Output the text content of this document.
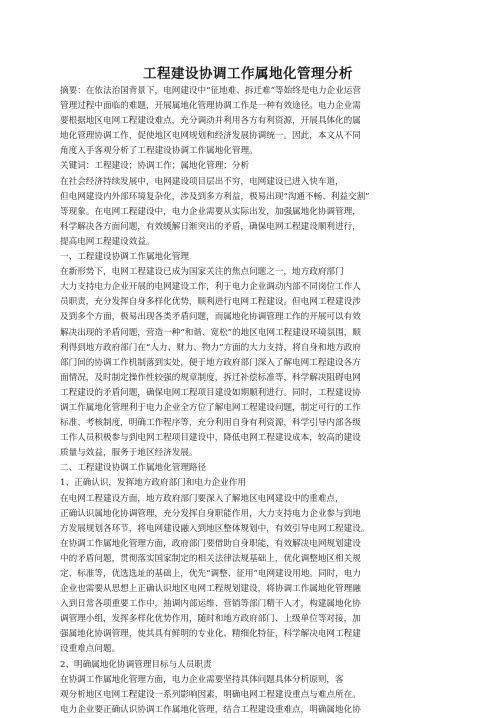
工程建设协调工作属地化管理分析

摘要：在依法治国背景下，电网建设中“征地难、拆迁难”等始终是电力企业运营

管理过程中面临的难题，开展属地化管理协调工作是一种有效途径。电力企业需

要根据地区电网工程建设难点，充分调动并利用各方有利资源，开展具体化的属

地化管理协调工作，促使地区电网规划和经济发展协调统一。因此，本文从不同

角度入手客观分析了工程建设协调工作属地化管理。

关键词：工程建设；协调工作；属地化管理；分析

在社会经济持续发展中，电网建设项目层出不穷，电网建设已进入快车道，

但电网建设内外部环境复杂化，涉及到多方利益，极易出现“沟通不畅、利益交割”

等现象。在电网工程建设中，电力企业需要从实际出发，加强属地化协调管理，

科学解决各方面问题，有效缓解日渐突出的矛盾，确保电网工程建设顺利进行，

提高电网工程建设效益。

一、工程建设协调工作属地化管理

在新形势下，电网工程建设已成为国家关注的焦点问题之一，地方政府部门

大力支持电力企业开展的电网建设工作，利于电力企业调动内部不同岗位工作人

员职责，充分发挥自身多样化优势，顺利进行电网工程建设。但电网工程建设涉

及到多个方面，极易出现各类矛盾问题，而属地化协调管理工作的开展可以有效

解决出现的矛盾问题，营造一种“和谐、宽松”的地区电网工程建设环境氛围，顺

利得到地方政府部门在“人力、财力、物力”方面的大力支持，将自身和地方政府

部门间的协调工作机制落到实处，便于地方政府部门深入了解电网工程建设各方

面情况，及时制定操作性较强的规章制度，拆迁补偿标准等，科学解决阻碍电网

工程建设的矛盾问题，确保电网工程项目建设如期顺利进行。同时，工程建设协

调工作属地化管理利于电力企业全方位了解电网工程建设问题，制定可行的工作

标准、考核制度，明确工作程序等，充分利用自身有利资源，科学引导内部各级

工作人员积极参与到电网工程项目建设中，降低电网工程建设成本，较高的建设

质量与效益，服务于地区经济发展。

二、工程建设协调工作属地化管理路径

1、正确认识，发挥地方政府部门和电力企业作用

在电网工程建设方面，地方政府部门要深入了解地区电网建设中的重难点，

正确认识属地化协调管理，充分发挥自身职能作用，大力支持电力企业参与到地

方发展规划各环节，将电网建设融入到地区整体规划中，有效引导电网工程建设。

在协调工作属地化管理方面，政府部门要借助自身职能，有效解决电网规划建设

中的矛盾问题，贯彻落实国家制定的相关法律法规基础上，优化调整地区相关规

定、标准等，优选选址的基础上，优先“调整、征用”电网建设用地。同时，电力

企业也需要从思想上正确认识地区电网工程规划建设，将协调工作属地化管理融

入到日常各项重要工作中，抽调内部运维、营销等部门精干人才，构建属地化协

调管理小组，发挥多样化优势作用，随时和地方政府部门、上级单位等对接，加

强属地化协调管理，使其具有鲜明的专业化、精细化特征，科学解决电网工程建

设重难点问题。

2、明确属地化协调管理目标与人员职责

在协调工作属地化管理方面，电力企业需要坚持具体问题具体分析原则，客

观分析地区电网工程建设一系列影响因素，明确电网工程建设重点与难点所在。

电力企业要正确认识协调工作属地化管理，结合工程建设重难点，明确属地化协
